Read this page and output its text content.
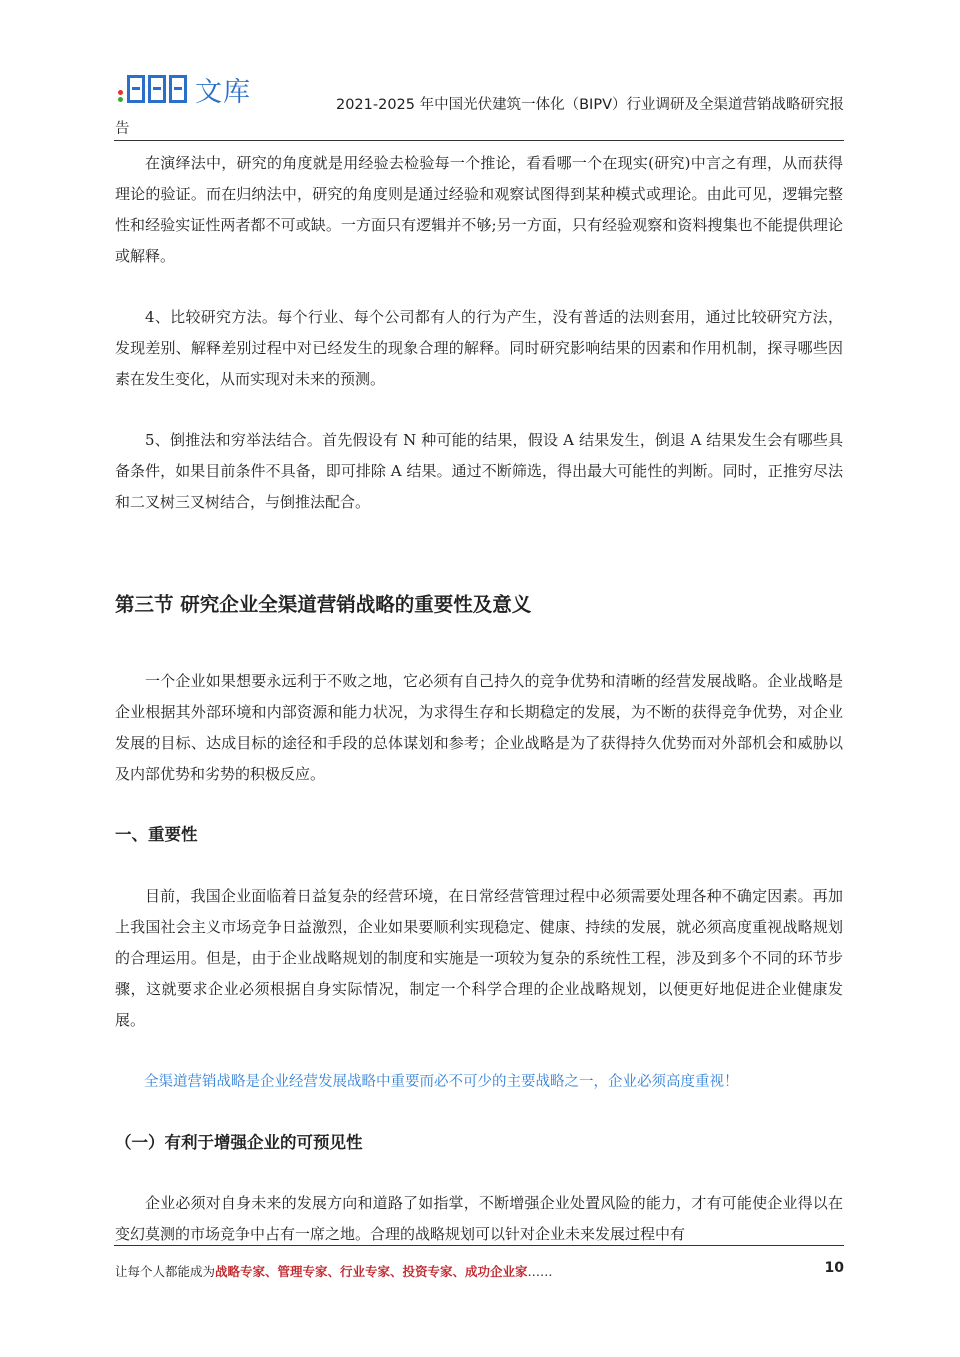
文库	2021-2025 年中国光伏建筑一体化（BIPV）行业调研及全渠道营销战略研究报
告

在演绎法中，研究的角度就是用经验去检验每一个推论，看看哪一个在现实(研究)中言之有理，从而获得理论的验证。而在归纳法中，研究的角度则是通过经验和观察试图得到某种模式或理论。由此可见，逻辑完整性和经验实证性两者都不可或缺。一方面只有逻辑并不够;另一方面，只有经验观察和资料搜集也不能提供理论或解释。

4、比较研究方法。每个行业、每个公司都有人的行为产生，没有普适的法则套用，通过比较研究方法，发现差别、解释差别过程中对已经发生的现象合理的解释。同时研究影响结果的因素和作用机制，探寻哪些因素在发生变化，从而实现对未来的预测。

5、倒推法和穷举法结合。首先假设有 N 种可能的结果，假设 A 结果发生，倒退 A 结果发生会有哪些具备条件，如果目前条件不具备，即可排除 A 结果。通过不断筛选，得出最大可能性的判断。同时，正推穷尽法和二叉树三叉树结合，与倒推法配合。

第三节 研究企业全渠道营销战略的重要性及意义

一个企业如果想要永远利于不败之地，它必须有自己持久的竞争优势和清晰的经营发展战略。企业战略是企业根据其外部环境和内部资源和能力状况，为求得生存和长期稳定的发展，为不断的获得竞争优势，对企业发展的目标、达成目标的途径和手段的总体谋划和参考；企业战略是为了获得持久优势而对外部机会和威胁以及内部优势和劣势的积极反应。

一、重要性

目前，我国企业面临着日益复杂的经营环境，在日常经营管理过程中必须需要处理各种不确定因素。再加上我国社会主义市场竞争日益激烈，企业如果要顺利实现稳定、健康、持续的发展，就必须高度重视战略规划的合理运用。但是，由于企业战略规划的制度和实施是一项较为复杂的系统性工程，涉及到多个不同的环节步骤，这就要求企业必须根据自身实际情况，制定一个科学合理的企业战略规划，以便更好地促进企业健康发展。

全渠道营销战略是企业经营发展战略中重要而必不可少的主要战略之一，企业必须高度重视！

（一）有利于增强企业的可预见性

企业必须对自身未来的发展方向和道路了如指掌，不断增强企业处置风险的能力，才有可能使企业得以在变幻莫测的市场竞争中占有一席之地。合理的战略规划可以针对企业未来发展过程中有

让每个人都能成为战略专家、管理专家、行业专家、投资专家、成功企业家……	10
